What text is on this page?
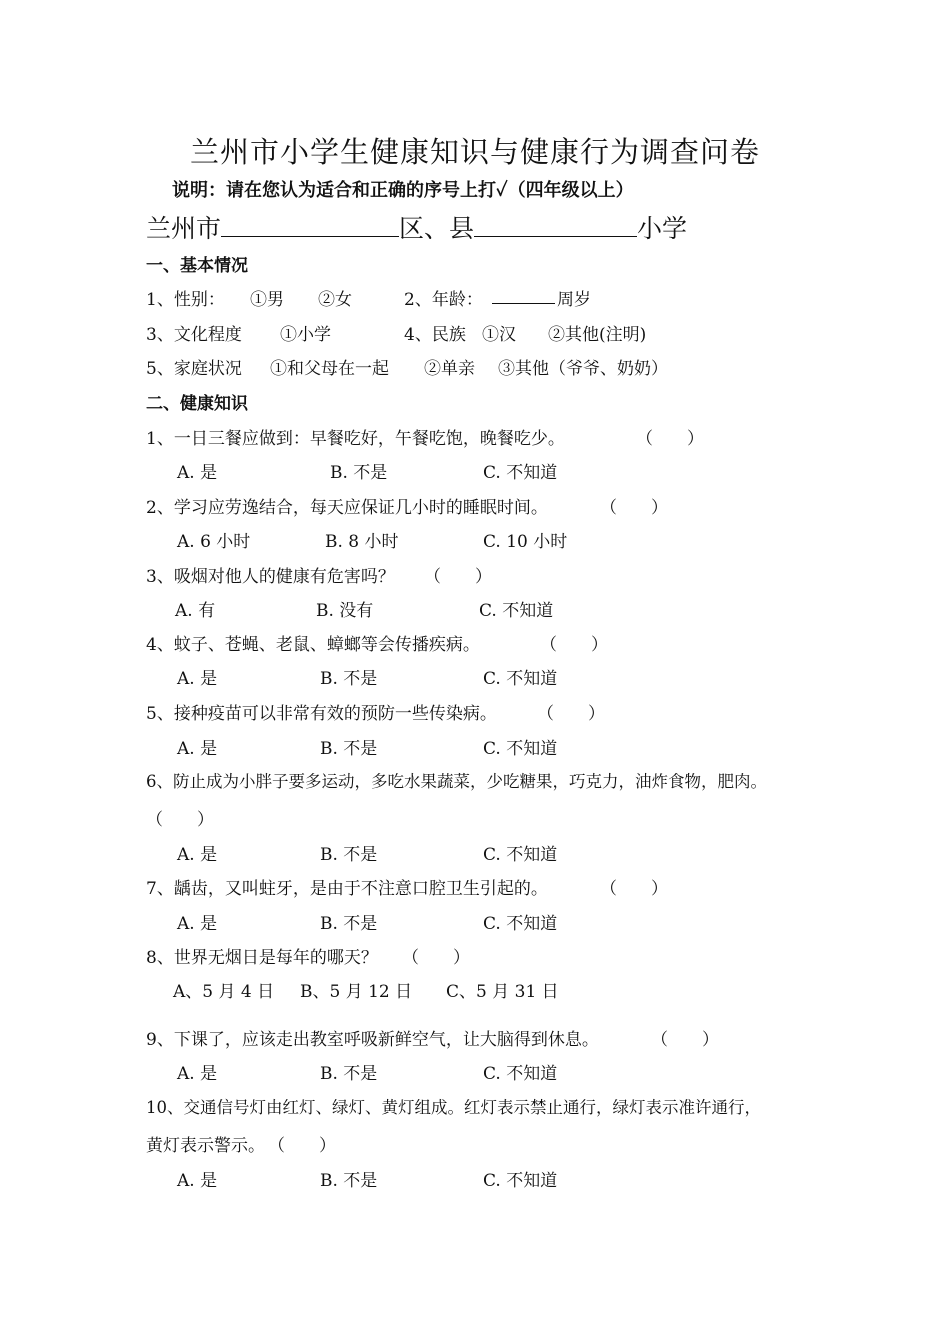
兰州市小学生健康知识与健康行为调查问卷
说明：请在您认为适合和正确的序号上打✓（四年级以上）
兰州市	区、县	小学
一、基本情况
1、性别： ①男 ②女	2、年龄：	周岁
3、文化程度 ①小学	4、民族 ①汉 ②其他(注明)
5、家庭状况 ①和父母在一起 ②单亲 ③其他（爷爷、奶奶）
二、健康知识
1、一日三餐应做到：早餐吃好，午餐吃饱，晚餐吃少。	（　　）
A. 是	B. 不是	C. 不知道
2、学习应劳逸结合，每天应保证几小时的睡眠时间。	（　　）
A. 6 小时	B. 8 小时	C. 10 小时
3、吸烟对他人的健康有危害吗？ （　　）
A. 有	B. 没有	C. 不知道
4、蚊子、苍蝇、老鼠、蟑螂等会传播疾病。	（　　）
A. 是	B. 不是	C. 不知道
5、接种疫苗可以非常有效的预防一些传染病。 （　　）
A. 是	B. 不是	C. 不知道
6、防止成为小胖子要多运动，多吃水果蔬菜，少吃糖果，巧克力，油炸食物，肥肉。
（　　）
A. 是	B. 不是	C. 不知道
7、龋齿，又叫蛀牙，是由于不注意口腔卫生引起的。	（　　）
A. 是	B. 不是	C. 不知道
8、世界无烟日是每年的哪天？ （　　）
A、5 月 4 日 B、5 月 12 日 C、5 月 31 日
9、下课了，应该走出教室呼吸新鲜空气，让大脑得到休息。	（　　）
A. 是	B. 不是	C. 不知道
10、交通信号灯由红灯、绿灯、黄灯组成。红灯表示禁止通行，绿灯表示准许通行，
黄灯表示警示。 （　　）
A. 是	B. 不是	C. 不知道
